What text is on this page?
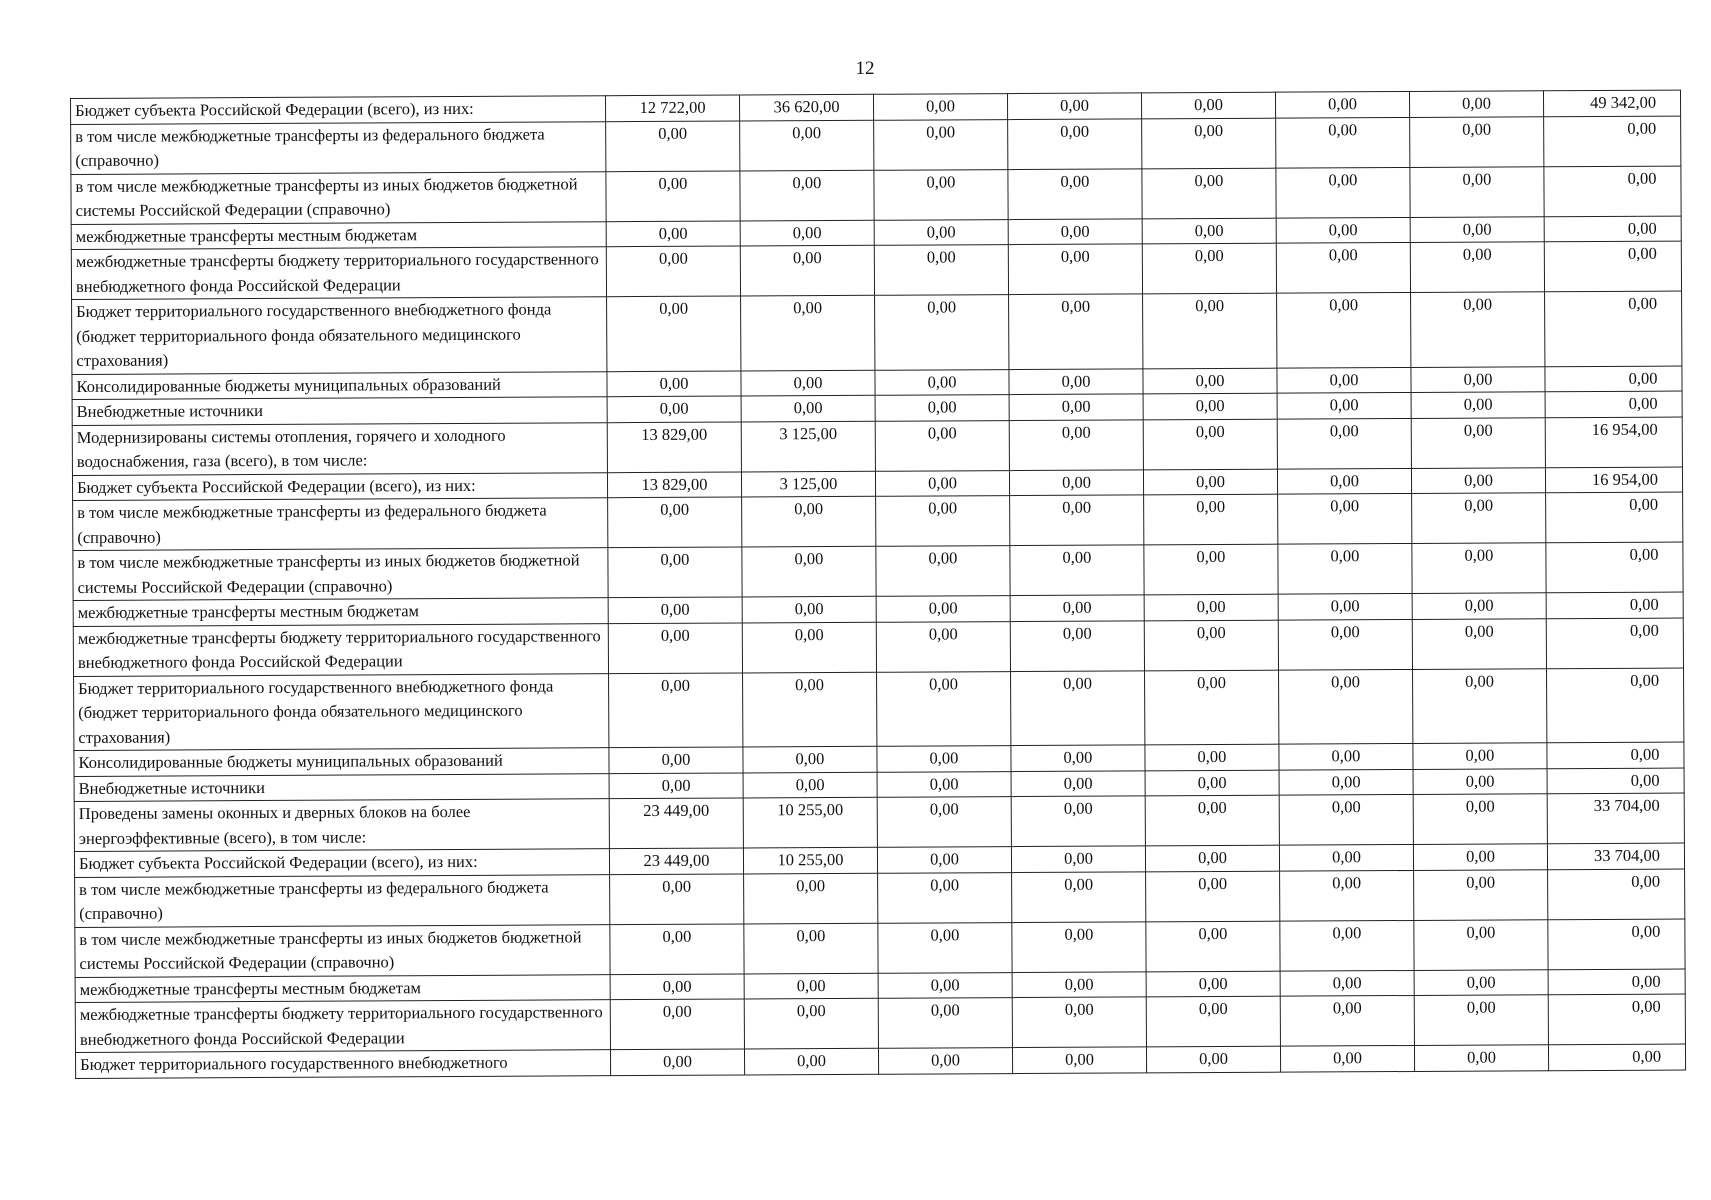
12
Бюджет субъекта Российской Федерации (всего), из них:	12 722,00	36 620,00	0,00	0,00	0,00	0,00	0,00	49 342,00
в том числе межбюджетные трансферты из федерального бюджета (справочно)	0,00	0,00	0,00	0,00	0,00	0,00	0,00	0,00
в том числе межбюджетные трансферты из иных бюджетов бюджетной системы Российской Федерации (справочно)	0,00	0,00	0,00	0,00	0,00	0,00	0,00	0,00
межбюджетные трансферты местным бюджетам	0,00	0,00	0,00	0,00	0,00	0,00	0,00	0,00
межбюджетные трансферты бюджету территориального государственного внебюджетного фонда Российской Федерации	0,00	0,00	0,00	0,00	0,00	0,00	0,00	0,00
Бюджет территориального государственного внебюджетного фонда (бюджет территориального фонда обязательного медицинского страхования)	0,00	0,00	0,00	0,00	0,00	0,00	0,00	0,00
Консолидированные бюджеты муниципальных образований	0,00	0,00	0,00	0,00	0,00	0,00	0,00	0,00
Внебюджетные источники	0,00	0,00	0,00	0,00	0,00	0,00	0,00	0,00
Модернизированы системы отопления, горячего и холодного водоснабжения, газа (всего), в том числе:	13 829,00	3 125,00	0,00	0,00	0,00	0,00	0,00	16 954,00
Бюджет субъекта Российской Федерации (всего), из них:	13 829,00	3 125,00	0,00	0,00	0,00	0,00	0,00	16 954,00
в том числе межбюджетные трансферты из федерального бюджета (справочно)	0,00	0,00	0,00	0,00	0,00	0,00	0,00	0,00
в том числе межбюджетные трансферты из иных бюджетов бюджетной системы Российской Федерации (справочно)	0,00	0,00	0,00	0,00	0,00	0,00	0,00	0,00
межбюджетные трансферты местным бюджетам	0,00	0,00	0,00	0,00	0,00	0,00	0,00	0,00
межбюджетные трансферты бюджету территориального государственного внебюджетного фонда Российской Федерации	0,00	0,00	0,00	0,00	0,00	0,00	0,00	0,00
Бюджет территориального государственного внебюджетного фонда (бюджет территориального фонда обязательного медицинского страхования)	0,00	0,00	0,00	0,00	0,00	0,00	0,00	0,00
Консолидированные бюджеты муниципальных образований	0,00	0,00	0,00	0,00	0,00	0,00	0,00	0,00
Внебюджетные источники	0,00	0,00	0,00	0,00	0,00	0,00	0,00	0,00
Проведены замены оконных и дверных блоков на более энергоэффективные (всего), в том числе:	23 449,00	10 255,00	0,00	0,00	0,00	0,00	0,00	33 704,00
Бюджет субъекта Российской Федерации (всего), из них:	23 449,00	10 255,00	0,00	0,00	0,00	0,00	0,00	33 704,00
в том числе межбюджетные трансферты из федерального бюджета (справочно)	0,00	0,00	0,00	0,00	0,00	0,00	0,00	0,00
в том числе межбюджетные трансферты из иных бюджетов бюджетной системы Российской Федерации (справочно)	0,00	0,00	0,00	0,00	0,00	0,00	0,00	0,00
межбюджетные трансферты местным бюджетам	0,00	0,00	0,00	0,00	0,00	0,00	0,00	0,00
межбюджетные трансферты бюджету территориального государственного внебюджетного фонда Российской Федерации	0,00	0,00	0,00	0,00	0,00	0,00	0,00	0,00
Бюджет территориального государственного внебюджетного	0,00	0,00	0,00	0,00	0,00	0,00	0,00	0,00
